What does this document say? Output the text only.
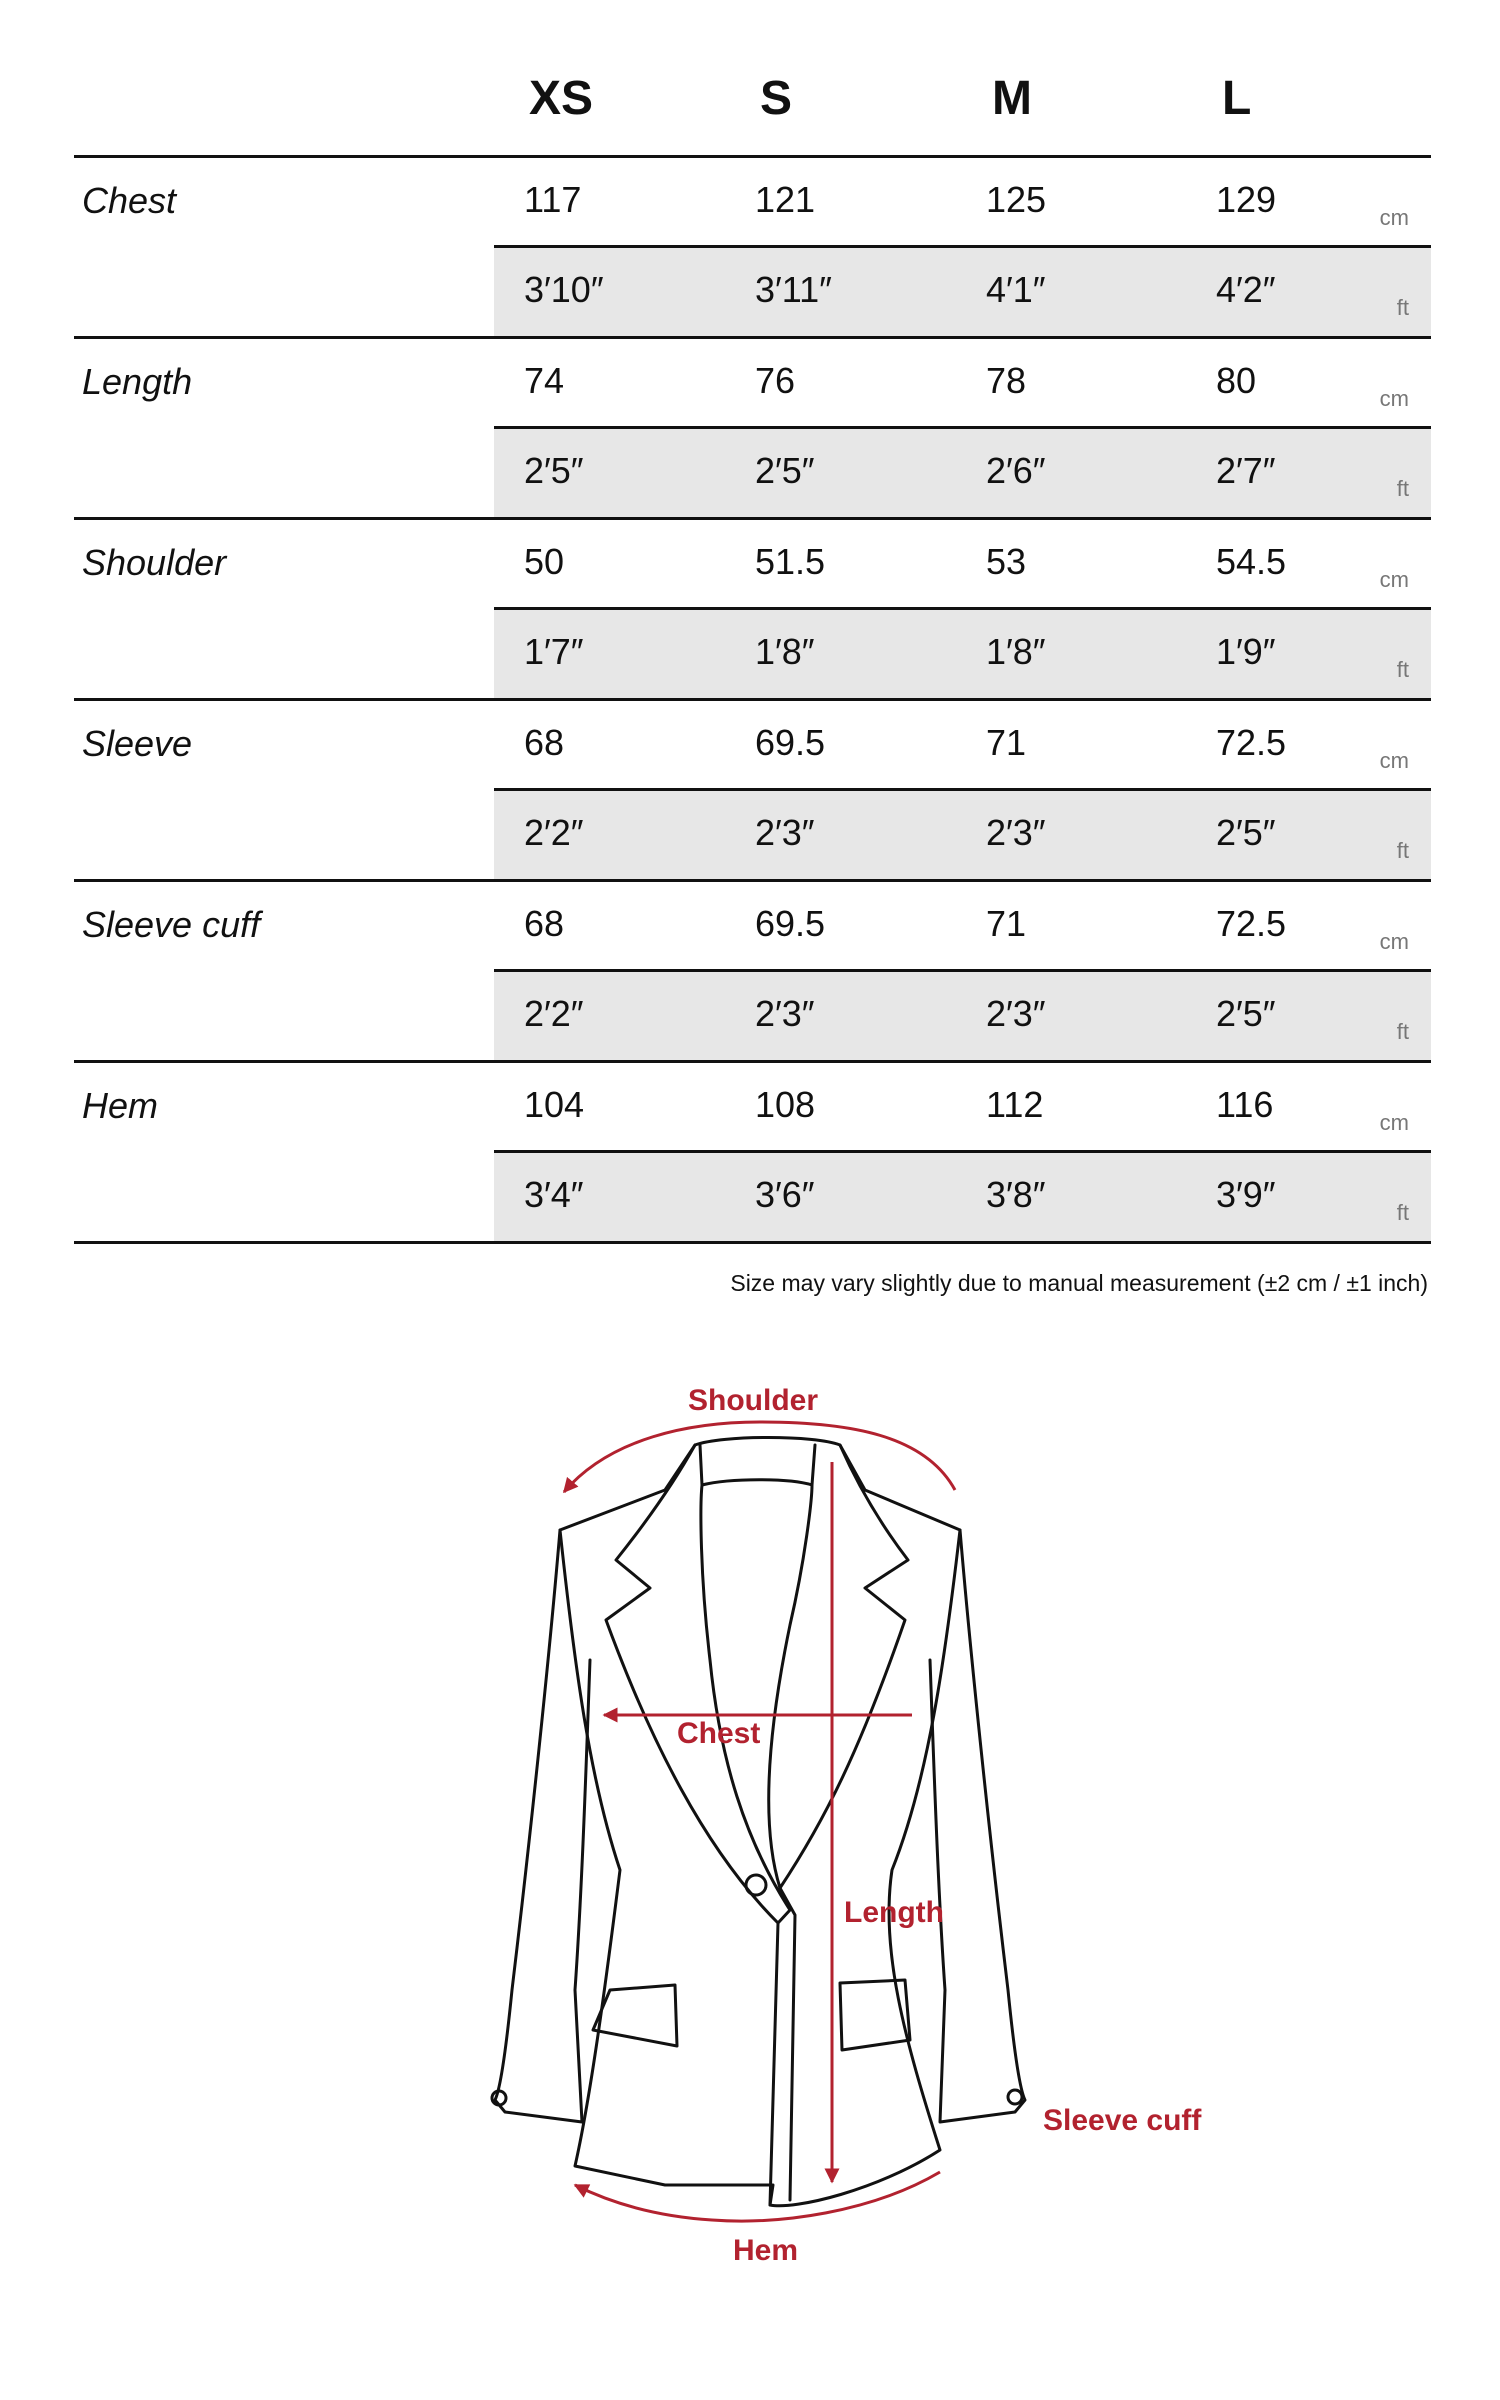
XS	S	M	L
Chest	117	121	125	129	cm
3′10″	3′11″	4′1″	4′2″	ft
Length	74	76	78	80	cm
2′5″	2′5″	2′6″	2′7″	ft
Shoulder	50	51.5	53	54.5	cm
1′7″	1′8″	1′8″	1′9″	ft
Sleeve	68	69.5	71	72.5	cm
2′2″	2′3″	2′3″	2′5″	ft
Sleeve cuff	68	69.5	71	72.5	cm
2′2″	2′3″	2′3″	2′5″	ft
Hem	104	108	112	116	cm
3′4″	3′6″	3′8″	3′9″	ft
Size may vary slightly due to manual measurement (±2 cm / ±1 inch)
Shoulder
Chest
Length
Sleeve cuff
Hem
